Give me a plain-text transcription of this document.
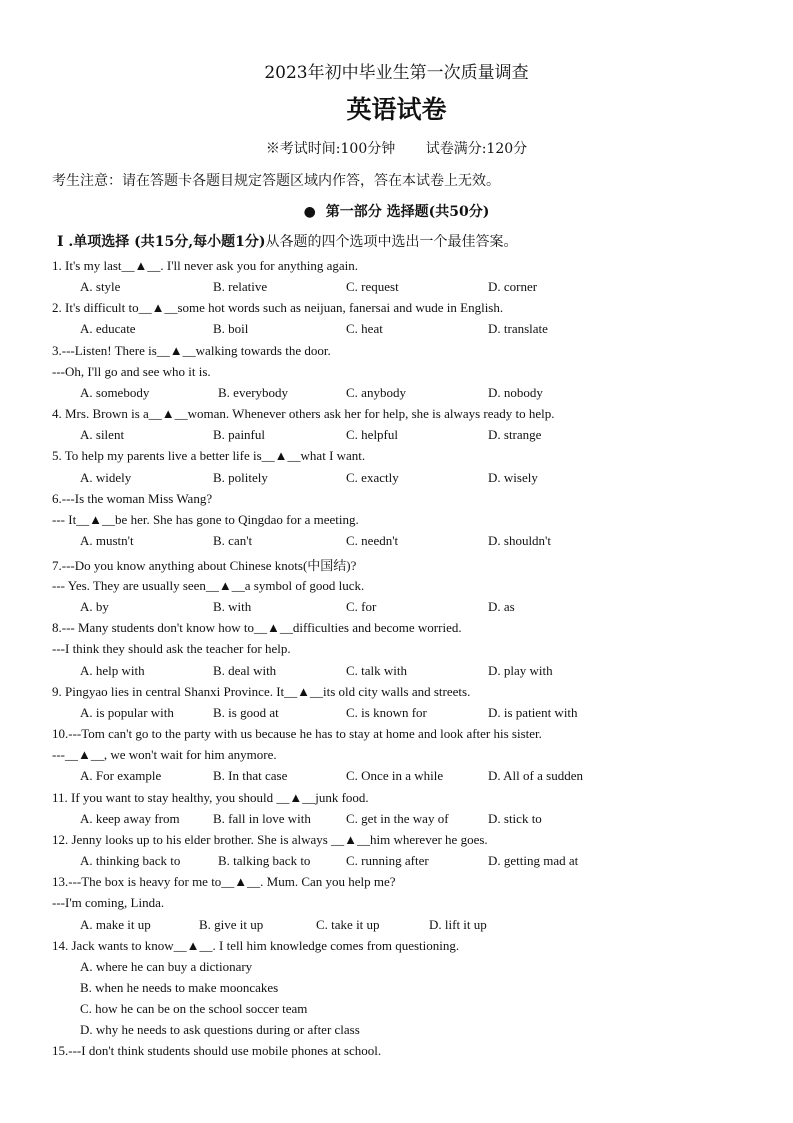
2023年初中毕业生第一次质量调查
英语试卷
※考试时间:100分钟 试卷满分:120分
考生注意：请在答题卡各题目规定答题区域内作答，答在本试卷上无效。
● 第一部分 选择题(共50分)
I .单项选择 (共15分,每小题1分)从各题的四个选项中选出一个最佳答案。
1. It's my last__▲__. I'll never ask you for anything again.
A. style	B. relative	C. request	D. corner
2. It's difficult to__▲__some hot words such as neijuan, fanersai and wude in English.
A. educate	B. boil	C. heat	D. translate
3.---Listen! There is__▲__walking towards the door.
---Oh, I'll go and see who it is.
A. somebody	B. everybody	C. anybody	D. nobody
4. Mrs. Brown is a__▲__woman. Whenever others ask her for help, she is always ready to help.
A. silent	B. painful	C. helpful	D. strange
5. To help my parents live a better life is__▲__what I want.
A. widely	B. politely	C. exactly	D. wisely
6.---Is the woman Miss Wang?
--- It__▲__be her. She has gone to Qingdao for a meeting.
A. mustn't	B. can't	C. needn't	D. shouldn't
7.---Do you know anything about Chinese knots(中国结)?
--- Yes. They are usually seen__▲__a symbol of good luck.
A. by	B. with	C. for	D. as
8.--- Many students don't know how to__▲__difficulties and become worried.
---I think they should ask the teacher for help.
A. help with	B. deal with	C. talk with	D. play with
9. Pingyao lies in central Shanxi Province. It__▲__its old city walls and streets.
A. is popular with	B. is good at	C. is known for	D. is patient with
10.---Tom can't go to the party with us because he has to stay at home and look after his sister.
---__▲__, we won't wait for him anymore.
A. For example	B. In that case	C. Once in a while	D. All of a sudden
11. If you want to stay healthy, you should __▲__junk food.
A. keep away from	B. fall in love with	C. get in the way of	D. stick to
12. Jenny looks up to his elder brother. She is always __▲__him wherever he goes.
A. thinking back to	B. talking back to	C. running after	D. getting mad at
13.---The box is heavy for me to__▲__. Mum. Can you help me?
---I'm coming, Linda.
A. make it up	B. give it up	C. take it up	D. lift it up
14. Jack wants to know__▲__. I tell him knowledge comes from questioning.
A. where he can buy a dictionary
B. when he needs to make mooncakes
C. how he can be on the school soccer team
D. why he needs to ask questions during or after class
15.---I don't think students should use mobile phones at school.
